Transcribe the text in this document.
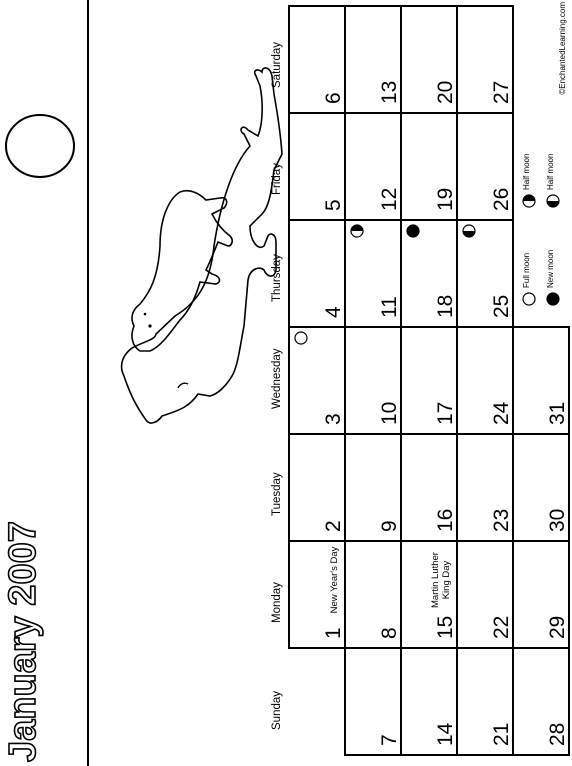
January 2007
©EnchantedLearning.com
Sunday
Monday
Tuesday
Wednesday
Thursday
Friday
Saturday
1
New Year's Day
2
3
4
5
6
7
8
9
10
11
12
13
14
15
Martin Luther King Day
16
17
18
19
20
21
22
23
24
25
26
27
28
29
30
31
Full moon New moon
Half moon Half moon
